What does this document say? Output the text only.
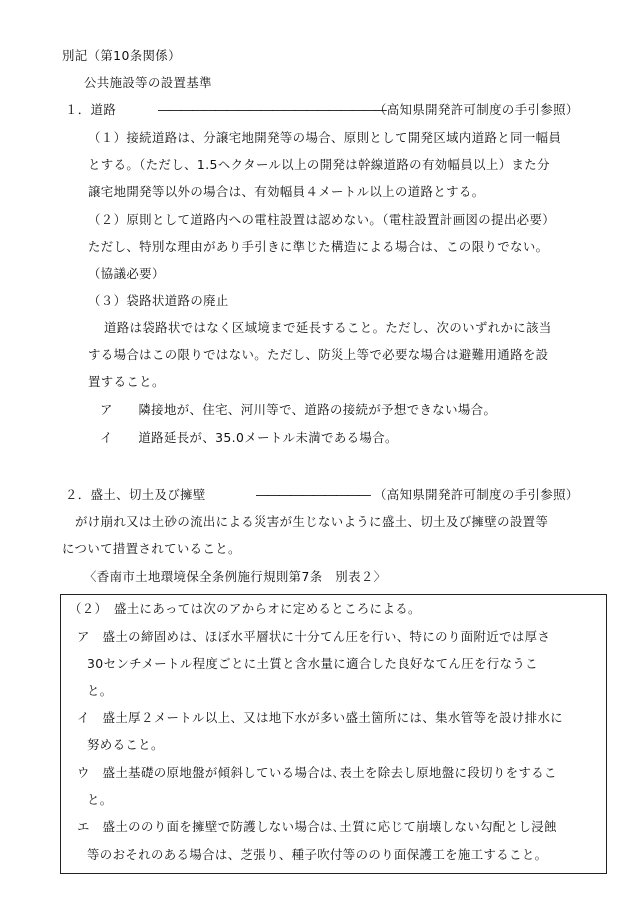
別記（第10条関係）
公共施設等の設置基準
１．道路	――――――――――――――――――――
（高知県開発許可制度の手引参照）
（１）接続道路は、分譲宅地開発等の場合、原則として開発区域内道路と同一幅員
とする。（ただし、1.5ヘクタール以上の開発は幹線道路の有効幅員以上）また分
譲宅地開発等以外の場合は、有効幅員４メートル以上の道路とする。
（２）原則として道路内への電柱設置は認めない。（電柱設置計画図の提出必要）
ただし、特別な理由があり手引きに準じた構造による場合は、この限りでない。
（協議必要）
（３）袋路状道路の廃止
道路は袋路状ではなく区域境まで延長すること。ただし、次のいずれかに該当
する場合はこの限りではない。ただし、防災上等で必要な場合は避難用通路を設
置すること。
ア　　隣接地が、住宅、河川等で、道路の接続が予想できない場合。
イ　　道路延長が、35.0メートル未満である場合。
２．盛土、切土及び擁壁	―――――――――― （高知県開発許可制度の手引参照）
がけ崩れ又は土砂の流出による災害が生じないように盛土、切土及び擁壁の設置等
について措置されていること。
〈香南市土地環境保全条例施行規則第7条　別表２〉
（２）　盛土にあっては次のアからオに定めるところによる。
ア　盛土の締固めは、ほぼ水平層状に十分てん圧を行い、特にのり面附近では厚さ
30センチメートル程度ごとに土質と含水量に適合した良好なてん圧を行なうこ
と。
イ　盛土厚２メートル以上、又は地下水が多い盛土箇所には、集水管等を設け排水に
努めること。
ウ　盛土基礎の原地盤が傾斜している場合は､表土を除去し原地盤に段切りをするこ
と。
エ　盛土ののり面を擁壁で防護しない場合は､土質に応じて崩壊しない勾配とし浸蝕
等のおそれのある場合は、芝張り、種子吹付等ののり面保護工を施工すること。
